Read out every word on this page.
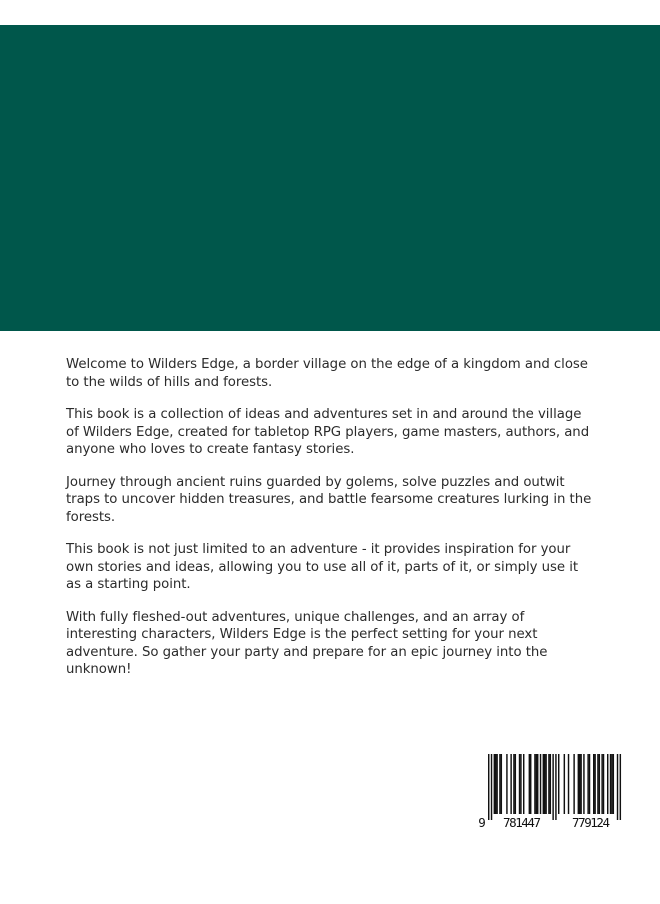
Welcome to Wilders Edge, a border village on the edge of a kingdom and close to the wilds of hills and forests.

This book is a collection of ideas and adventures set in and around the village of Wilders Edge, created for tabletop RPG players, game masters, authors, and anyone who loves to create fantasy stories.

Journey through ancient ruins guarded by golems, solve puzzles and outwit traps to uncover hidden treasures, and battle fearsome creatures lurking in the forests.

This book is not just limited to an adventure - it provides inspiration for your own stories and ideas, allowing you to use all of it, parts of it, or simply use it as a starting point.

With fully fleshed-out adventures, unique challenges, and an array of interesting characters, Wilders Edge is the perfect setting for your next adventure. So gather your party and prepare for an epic journey into the unknown!

9 781447 779124
